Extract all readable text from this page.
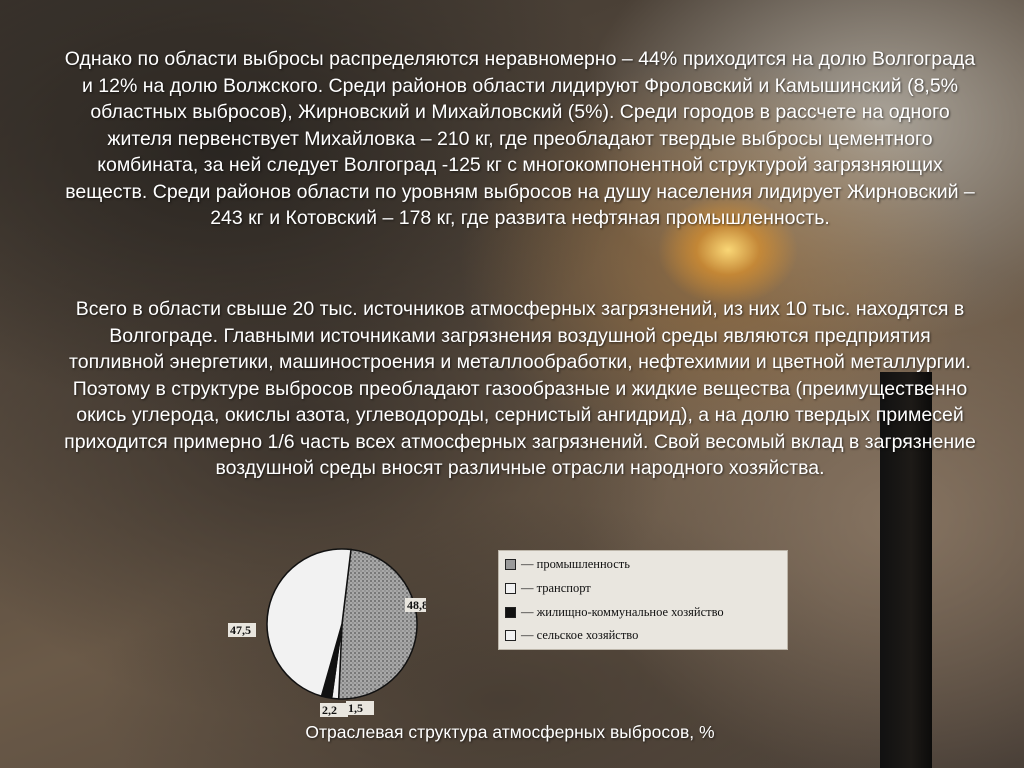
Однако по области выбросы распределяются неравномерно – 44% приходится на долю Волгограда и 12% на долю Волжского. Среди районов области лидируют Фроловский и Камышинский (8,5% областных выбросов), Жирновский и Михайловский (5%). Среди городов в рассчете на одного жителя первенствует Михайловка – 210 кг, где преобладают твердые выбросы цементного комбината, за ней следует Волгоград -125 кг с многокомпонентной структурой загрязняющих веществ. Среди районов области по уровням выбросов на душу населения лидирует Жирновский – 243 кг и Котовский – 178 кг, где развита нефтяная промышленность.

Всего в области свыше 20 тыс. источников атмосферных загрязнений, из них 10 тыс. находятся в Волгограде. Главными источниками загрязнения воздушной среды являются предприятия топливной энергетики, машиностроения и металлообработки, нефтехимии и цветной металлургии. Поэтому в структуре выбросов преобладают газообразные и жидкие вещества (преимущественно окись углерода, окислы азота, углеводороды, сернистый ангидрид), а на долю твердых примесей приходится примерно 1/6 часть всех атмосферных загрязнений. Свой весомый вклад в загрязнение воздушной среды вносят различные отрасли народного хозяйства.

48,8
47,5
2,2 1,5
— промышленность
— транспорт
— жилищно-коммунальное хозяйство
— сельское хозяйство
Отраслевая структура атмосферных выбросов, %
